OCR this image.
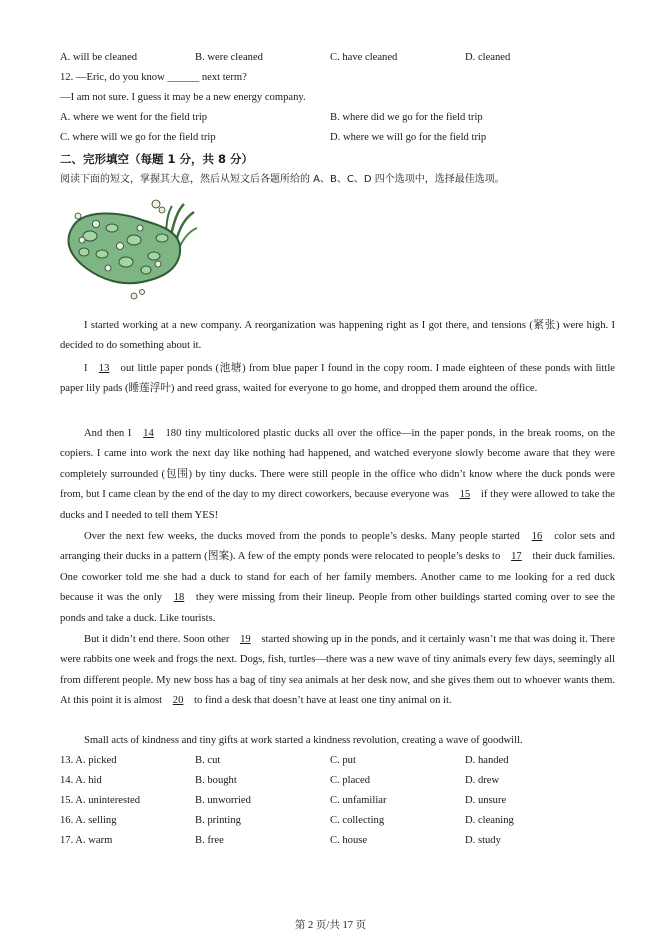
A. will be cleaned	B. were cleaned	C. have cleaned	D. cleaned
12. —Eric, do you know ______ next term?
—I am not sure. I guess it may be a new energy company.
A. where we went for the field trip	B. where did we go for the field trip
C. where will we go for the field trip	D. where we will go for the field trip
二、完形填空（每题 1 分，共 8 分）
阅读下面的短文，掌握其大意，然后从短文后各题所给的 A、B、C、D 四个选项中，选择最佳选项。
I started working at a new company. A reorganization was happening right as I got there, and tensions (紧张) were high. I decided to do something about it.
I 13 out little paper ponds (池塘) from blue paper I found in the copy room. I made eighteen of these ponds with little paper lily pads (睡莲浮叶) and reed grass, waited for everyone to go home, and dropped them around the office.
And then I 14 180 tiny multicolored plastic ducks all over the office—in the paper ponds, in the break rooms, on the copiers. I came into work the next day like nothing had happened, and watched everyone slowly become aware that they were completely surrounded (包围) by tiny ducks. There were still people in the office who didn’t know where the duck ponds were from, but I came clean by the end of the day to my direct coworkers, because everyone was 15 if they were allowed to take the ducks and I needed to tell them YES!
Over the next few weeks, the ducks moved from the ponds to people’s desks. Many people started 16 color sets and arranging their ducks in a pattern (图案). A few of the empty ponds were relocated to people’s desks to 17 their duck families. One coworker told me she had a duck to stand for each of her family members. Another came to me looking for a red duck because it was the only 18 they were missing from their lineup. People from other buildings started coming over to see the ponds and take a duck. Like tourists.
But it didn’t end there. Soon other 19 started showing up in the ponds, and it certainly wasn’t me that was doing it. There were rabbits one week and frogs the next. Dogs, fish, turtles—there was a new wave of tiny animals every few days, seemingly all from different people. My new boss has a bag of tiny sea animals at her desk now, and she gives them out to whoever wants them. At this point it is almost 20 to find a desk that doesn’t have at least one tiny animal on it.
Small acts of kindness and tiny gifts at work started a kindness revolution, creating a wave of goodwill.
13. A. picked	B. cut	C. put	D. handed
14. A. hid	B. bought	C. placed	D. drew
15. A. uninterested	B. unworried	C. unfamiliar	D. unsure
16. A. selling	B. printing	C. collecting	D. cleaning
17. A. warm	B. free	C. house	D. study
第 2 页/共 17 页
